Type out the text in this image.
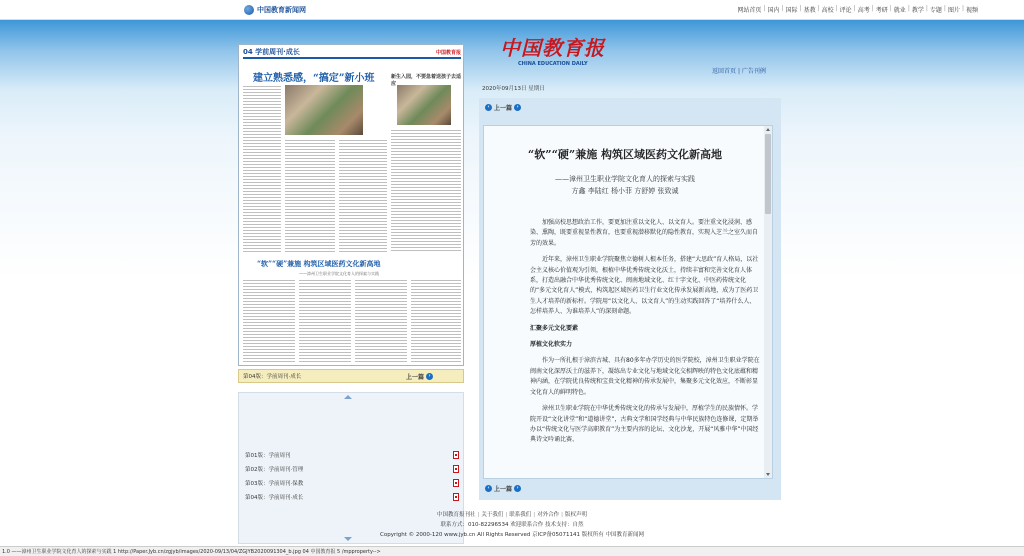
中国教育新闻网	网站首页 | 国内 | 国际 | 基教 | 高校 | 评论 | 高考 | 考研 | 就业 | 教学 | 专题 | 图片 | 视频
中国教育报
CHINA EDUCATION DAILY
返回首页 | 广告刊例
2020年09月13日 星期日
04 学前周刊·成长	中国教育报
建立熟悉感，“搞定”新小班	新生入园，不要急着送孩子去适应
“软”“硬”兼施 构筑区域医药文化新高地
——漳州卫生职业学院文化育人的探索与实践
第04版：学前周刊·成长	上一篇 ›
第01版：学前周刊
第02版：学前周刊·管理
第03版：学前周刊·保教
第04版：学前周刊·成长
‹ 上一篇 ›
“软”“硬”兼施 构筑区域医药文化新高地
——漳州卫生职业学院文化育人的探索与实践
方鑫 李陆红 杨小菲 方舒婷 张致诚

加强高校思想政治工作，要更加注重以文化人、以文育人。要注重文化浸润、感染、熏陶，既要重视显性教育，也要重视潜移默化的隐性教育，实现入芝兰之室久而自芳的效果。

近年来，漳州卫生职业学院聚焦立德树人根本任务，搭建“大思政”育人格局，以社会主义核心价值观为引领，根植中华优秀传统文化沃土，持续丰富和完善文化育人体系，打造出融合中华优秀传统文化、闽南地域文化、红十字文化、中医药传统文化的“多元文化育人”模式，构筑起区域医药卫生行业文化传承发展新高地，成为了医药卫生人才培养的新标杆。学院用“以文化人、以文育人”的生动实践回答了“培养什么人、怎样培养人、为谁培养人”的深刻命题。

汇聚多元文化要素

厚植文化软实力

作为一所扎根于漳滨古城、具有80多年办学历史的医学院校，漳州卫生职业学院在闽南文化深厚沃土的滋养下，凝练出专业文化与地域文化交相辉映的特色文化底蕴和精神内涵，在学院优良传统和宝贵文化精神的传承发展中，集聚多元文化效应，不断彰显文化育人的鲜明特色。

漳州卫生职业学院在中华优秀传统文化的传承与发展中，厚植学生的民族情怀。学院开设“文化讲堂”和“道德讲堂”，古典文学和国学经典与中华民族特色连修课，定期举办以“传统文化与医学高职教育”为主要内容的论坛、文化沙龙，开展“风雅中华”中国经典诗文吟诵比赛、

‹ 上一篇 ›
中国教育报刊社 | 关于我们 | 联系我们 | 对外合作 | 版权声明
联系方式：010-82296534 欢迎联系合作 技术支持：自然
Copyright © 2000-120 www.jyb.cn All Rights Reserved 京ICP备05071141 版权所有 中国教育新闻网
1.0 ——漳州卫生职业学院文化育人的探索与实践 1 http://Paper.Jyb.cn/zgjyb/images/2020-09/13/04/ZGJYB2020091304_b.jpg 04 中国教育报 5 /mpproperty-->
